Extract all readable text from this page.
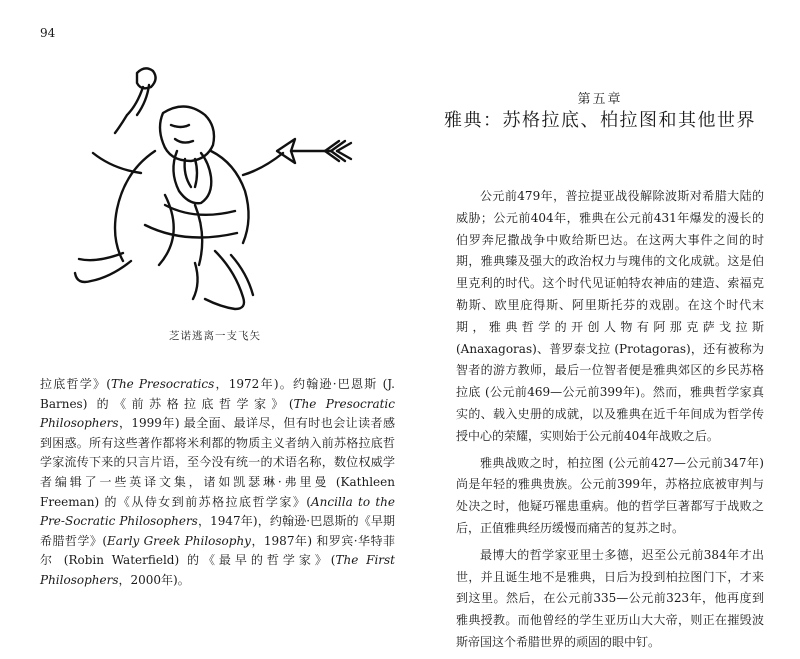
94
芝诺逃离一支飞矢
拉底哲学》(The Presocratics，1972年)。约翰逊·巴恩斯 (J. Barnes) 的《前苏格拉底哲学家》(The Presocratic Philosophers，1999年) 最全面、最详尽，但有时也会让读者感到困惑。所有这些著作都将米利都的物质主义者纳入前苏格拉底哲学家流传下来的只言片语，至今没有统一的术语名称，数位权威学者编辑了一些英译文集，诸如凯瑟琳·弗里曼 (Kathleen Freeman) 的《从侍女到前苏格拉底哲学家》(Ancilla to the Pre-Socratic Philosophers，1947年)，约翰逊·巴恩斯的《早期希腊哲学》(Early Greek Philosophy，1987年) 和罗宾·华特菲尔 (Robin Waterfield) 的《最早的哲学家》(The First Philosophers，2000年)。
第五章
雅典：苏格拉底、柏拉图和其他世界

公元前479年，普拉提亚战役解除波斯对希腊大陆的威胁；公元前404年，雅典在公元前431年爆发的漫长的伯罗奔尼撒战争中败给斯巴达。在这两大事件之间的时期，雅典臻及强大的政治权力与瑰伟的文化成就。这是伯里克利的时代。这个时代见证帕特农神庙的建造、索福克勒斯、欧里庇得斯、阿里斯托芬的戏剧。在这个时代末期，雅典哲学的开创人物有阿那克萨戈拉斯 (Anaxagoras)、普罗泰戈拉 (Protagoras)，还有被称为智者的游方教师，最后一位智者便是雅典郊区的乡民苏格拉底 (公元前469—公元前399年)。然而，雅典哲学家真实的、载入史册的成就，以及雅典在近千年间成为哲学传授中心的荣耀，实则始于公元前404年战败之后。

雅典战败之时，柏拉图 (公元前427—公元前347年) 尚是年轻的雅典贵族。公元前399年，苏格拉底被审判与处决之时，他疑巧罹患重病。他的哲学巨著都写于战败之后，正值雅典经历缓慢而痛苦的复苏之时。

最博大的哲学家亚里士多德，迟至公元前384年才出世，并且诞生地不是雅典，日后为投到柏拉图门下，才来到这里。然后，在公元前335—公元前323年，他再度到雅典授教。而他曾经的学生亚历山大大帝，则正在摧毁波斯帝国这个希腊世界的顽固的眼中钉。
